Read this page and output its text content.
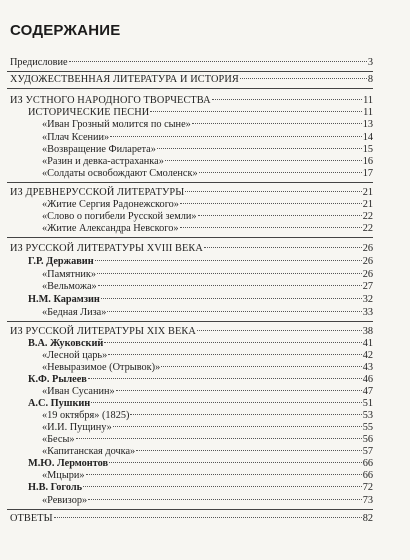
СОДЕРЖАНИЕ
Предисловие	3
ХУДОЖЕСТВЕННАЯ ЛИТЕРАТУРА И ИСТОРИЯ	8
ИЗ УСТНОГО НАРОДНОГО ТВОРЧЕСТВА	11
ИСТОРИЧЕСКИЕ ПЕСНИ	11
«Иван Грозный молится по сыне»	13
«Плач Ксении»	14
«Возвращение Филарета»	15
«Разин и девка-астраханка»	16
«Солдаты освобождают Смоленск»	17
ИЗ ДРЕВНЕРУССКОЙ ЛИТЕРАТУРЫ	21
«Житие Сергия Радонежского»	21
«Слово о погибели Русской земли»	22
«Житие Александра Невского»	22
ИЗ РУССКОЙ ЛИТЕРАТУРЫ XVIII ВЕКА	26
Г.Р. Державин	26
«Памятник»	26
«Вельможа»	27
Н.М. Карамзин	32
«Бедная Лиза»	33
ИЗ РУССКОЙ ЛИТЕРАТУРЫ XIX ВЕКА	38
В.А. Жуковский	41
«Лесной царь»	42
«Невыразимое (Отрывок)»	43
К.Ф. Рылеев	46
«Иван Сусанин»	47
А.С. Пушкин	51
«19 октября» (1825)	53
«И.И. Пущину»	55
«Бесы»	56
«Капитанская дочка»	57
М.Ю. Лермонтов	66
«Мцыри»	66
Н.В. Гоголь	72
«Ревизор»	73
ОТВЕТЫ	82
